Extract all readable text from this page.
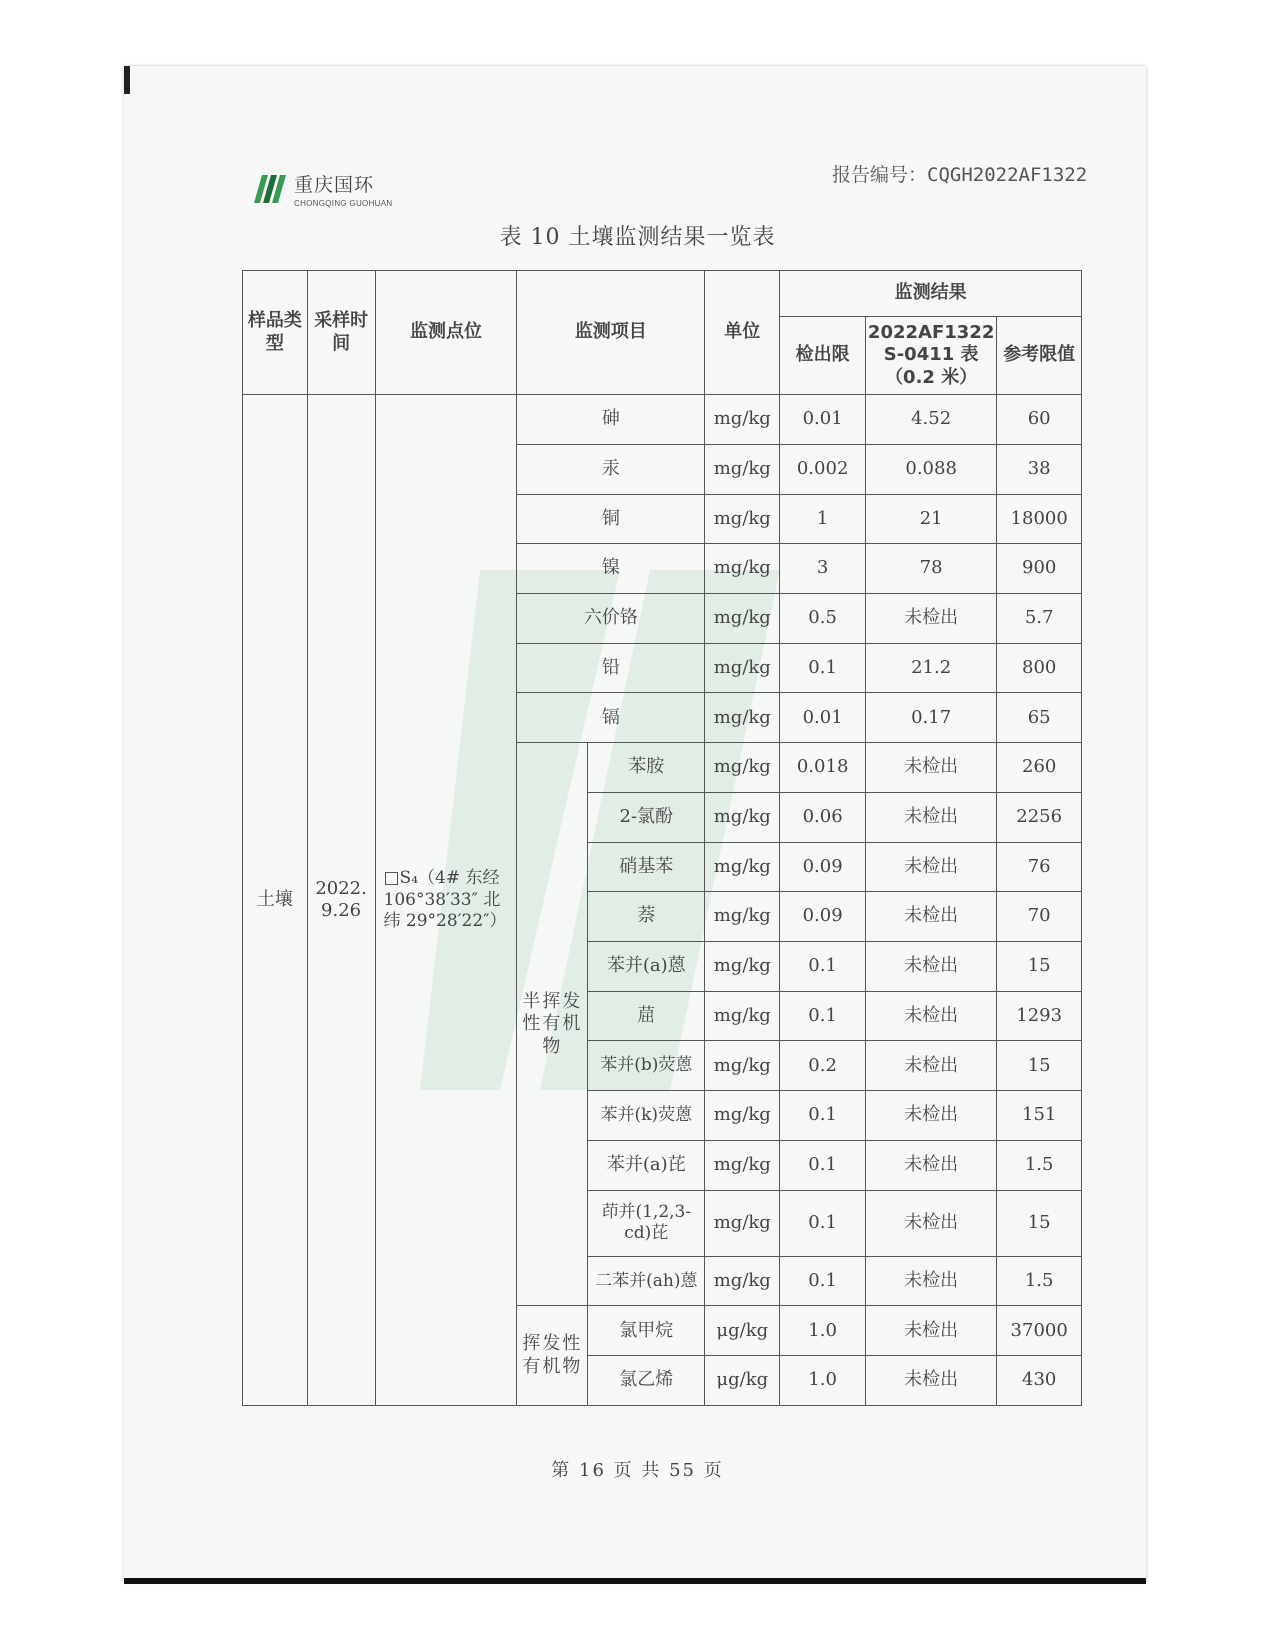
重庆国环
CHONGQING GUOHUAN
报告编号：CQGH2022AF1322
表 10 土壤监测结果一览表
样品类型	采样时间	监测点位	监测项目		单位	监测结果		
						检出限	2022AF1322 S-0411 表 （0.2 米）	参考限值
土壤	2022. 9.26	□S₄（4# 东经106°38′33″ 北纬 29°28′22″）	砷		mg/kg	0.01	4.52	60
			汞		mg/kg	0.002	0.088	38
			铜		mg/kg	1	21	18000
			镍		mg/kg	3	78	900
			六价铬		mg/kg	0.5	未检出	5.7
			铅		mg/kg	0.1	21.2	800
			镉		mg/kg	0.01	0.17	65
			半挥发性有机物	苯胺	mg/kg	0.018	未检出	260
				2-氯酚	mg/kg	0.06	未检出	2256
				硝基苯	mg/kg	0.09	未检出	76
				萘	mg/kg	0.09	未检出	70
				苯并(a)蒽	mg/kg	0.1	未检出	15
				䓛	mg/kg	0.1	未检出	1293
				苯并(b)荧蒽	mg/kg	0.2	未检出	15
				苯并(k)荧蒽	mg/kg	0.1	未检出	151
				苯并(a)芘	mg/kg	0.1	未检出	1.5
				茚并(1,2,3-cd)芘	mg/kg	0.1	未检出	15
				二苯并(ah)蒽	mg/kg	0.1	未检出	1.5
			挥发性有机物	氯甲烷	μg/kg	1.0	未检出	37000
				氯乙烯	μg/kg	1.0	未检出	430
第 16 页 共 55 页
